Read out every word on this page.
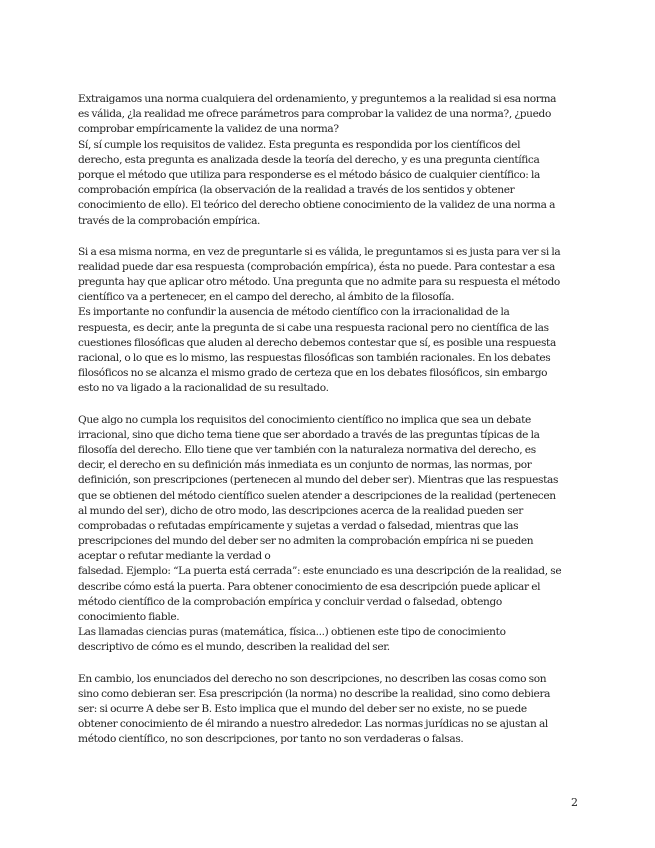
Extraigamos una norma cualquiera del ordenamiento, y preguntemos a la realidad si esa norma
es válida, ¿la realidad me ofrece parámetros para comprobar la validez de una norma?, ¿puedo
comprobar empíricamente la validez de una norma?
Sí, sí cumple los requisitos de validez. Esta pregunta es respondida por los científicos del
derecho, esta pregunta es analizada desde la teoría del derecho, y es una pregunta científica
porque el método que utiliza para responderse es el método básico de cualquier científico: la
comprobación empírica (la observación de la realidad a través de los sentidos y obtener
conocimiento de ello). El teórico del derecho obtiene conocimiento de la validez de una norma a
través de la comprobación empírica.
Si a esa misma norma, en vez de preguntarle si es válida, le preguntamos si es justa para ver si la
realidad puede dar esa respuesta (comprobación empírica), ésta no puede. Para contestar a esa
pregunta hay que aplicar otro método. Una pregunta que no admite para su respuesta el método
científico va a pertenecer, en el campo del derecho, al ámbito de la filosofía.
Es importante no confundir la ausencia de método científico con la irracionalidad de la
respuesta, es decir, ante la pregunta de si cabe una respuesta racional pero no científica de las
cuestiones filosóficas que aluden al derecho debemos contestar que sí, es posible una respuesta
racional, o lo que es lo mismo, las respuestas filosóficas son también racionales. En los debates
filosóficos no se alcanza el mismo grado de certeza que en los debates filosóficos, sin embargo
esto no va ligado a la racionalidad de su resultado.
Que algo no cumpla los requisitos del conocimiento científico no implica que sea un debate
irracional, sino que dicho tema tiene que ser abordado a través de las preguntas típicas de la
filosofía del derecho. Ello tiene que ver también con la naturaleza normativa del derecho, es
decir, el derecho en su definición más inmediata es un conjunto de normas, las normas, por
definición, son prescripciones (pertenecen al mundo del deber ser). Mientras que las respuestas
que se obtienen del método científico suelen atender a descripciones de la realidad (pertenecen
al mundo del ser), dicho de otro modo, las descripciones acerca de la realidad pueden ser
comprobadas o refutadas empíricamente y sujetas a verdad o falsedad, mientras que las
prescripciones del mundo del deber ser no admiten la comprobación empírica ni se pueden
aceptar o refutar mediante la verdad o
falsedad. Ejemplo: “La puerta está cerrada”: este enunciado es una descripción de la realidad, se
describe cómo está la puerta. Para obtener conocimiento de esa descripción puede aplicar el
método científico de la comprobación empírica y concluir verdad o falsedad, obtengo
conocimiento fiable.
Las llamadas ciencias puras (matemática, física...) obtienen este tipo de conocimiento
descriptivo de cómo es el mundo, describen la realidad del ser.
En cambio, los enunciados del derecho no son descripciones, no describen las cosas como son
sino como debieran ser. Esa prescripción (la norma) no describe la realidad, sino como debiera
ser: si ocurre A debe ser B. Esto implica que el mundo del deber ser no existe, no se puede
obtener conocimiento de él mirando a nuestro alrededor. Las normas jurídicas no se ajustan al
método científico, no son descripciones, por tanto no son verdaderas o falsas.
2
